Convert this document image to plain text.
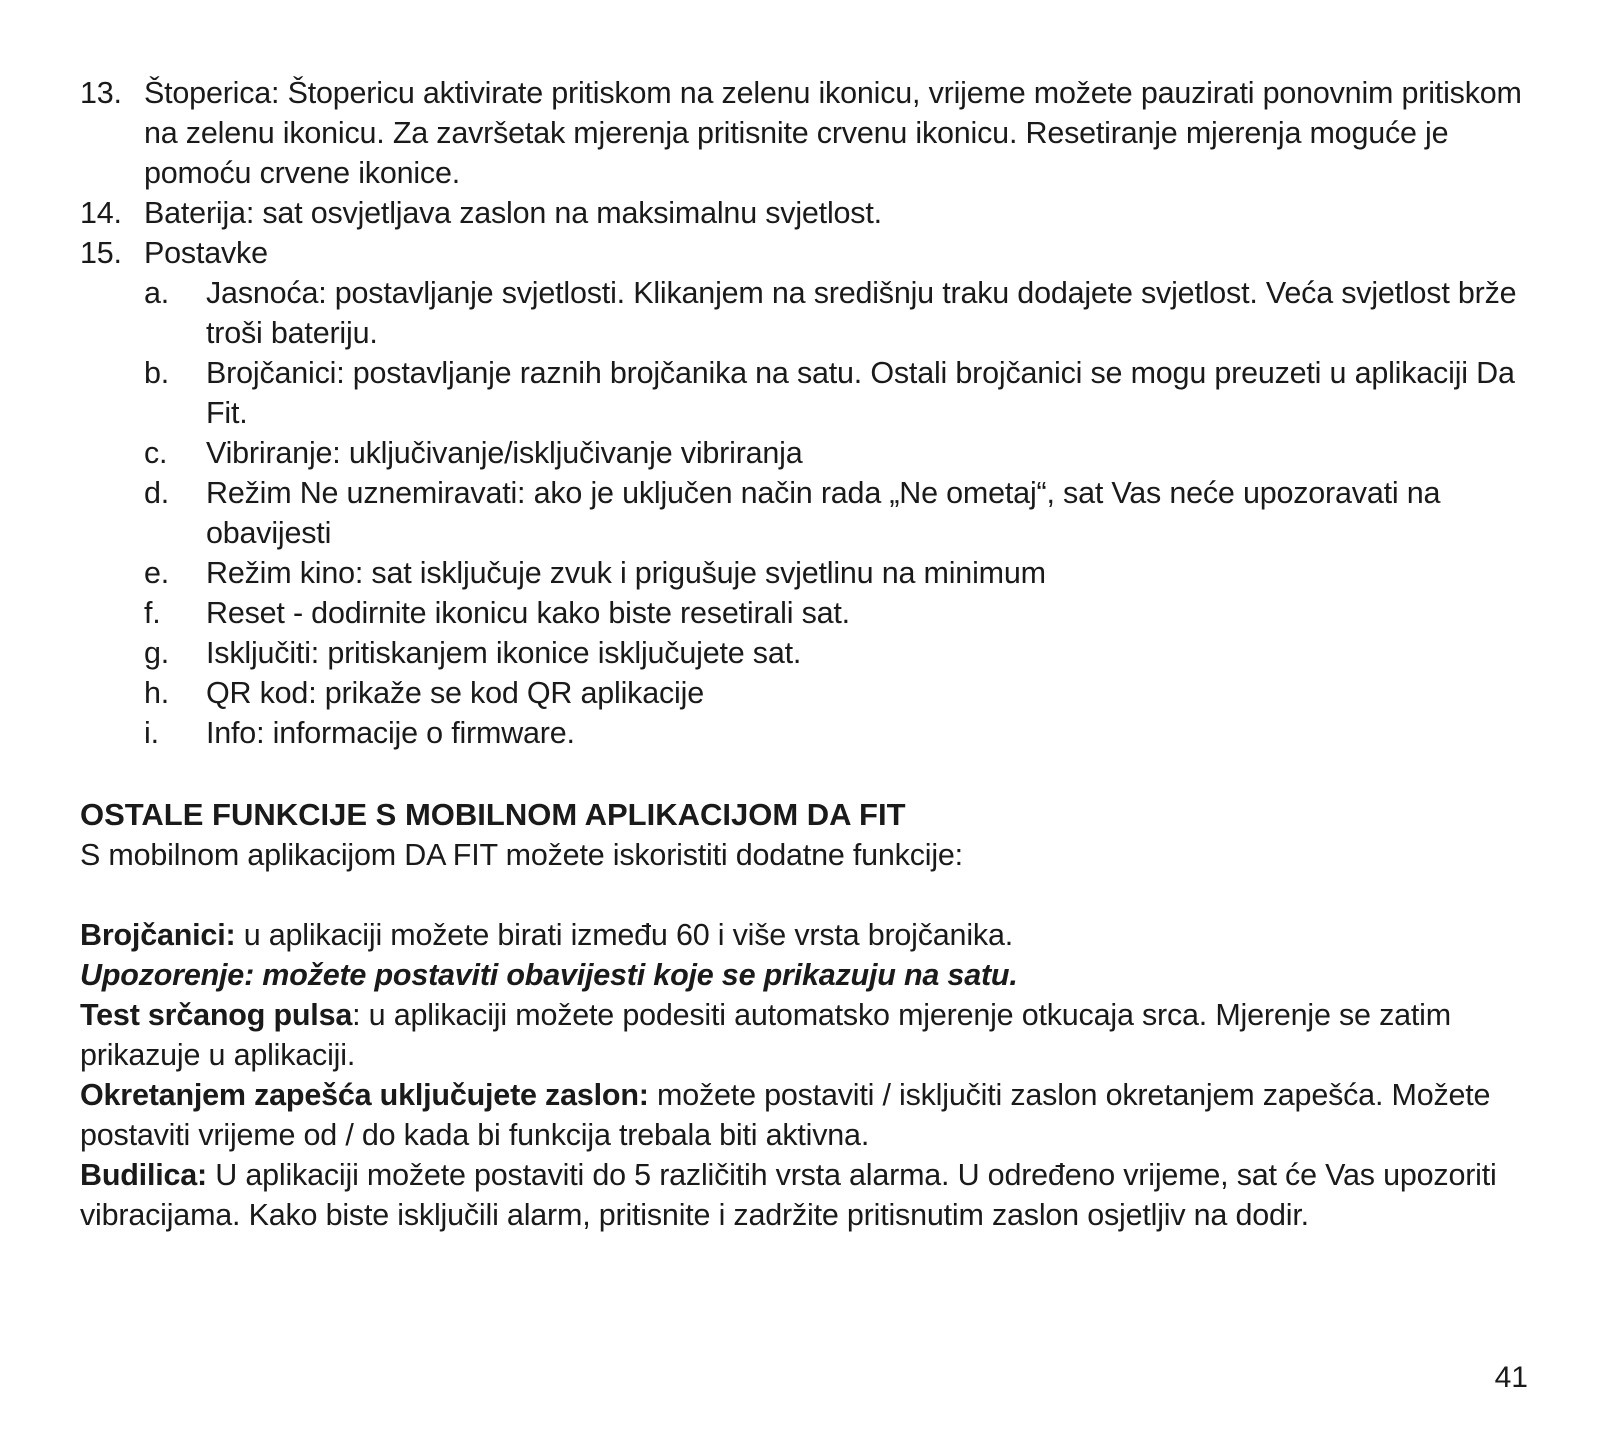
13. Štoperica: Štopericu aktivirate pritiskom na zelenu ikonicu, vrijeme možete pauzirati ponovnim pritiskom na zelenu ikonicu. Za završetak mjerenja pritisnite crvenu ikonicu. Resetiranje mjerenja moguće je pomoću crvene ikonice.
14. Baterija: sat osvjetljava zaslon na maksimalnu svjetlost.
15. Postavke
a.	Jasnoća: postavljanje svjetlosti. Klikanjem na središnju traku dodajete svjetlost. Veća svjetlost brže troši bateriju.
b.	Brojčanici: postavljanje raznih brojčanika na satu. Ostali brojčanici se mogu preuzeti u aplikaciji Da Fit.
c.	Vibriranje: uključivanje/isključivanje vibriranja
d.	Režim Ne uznemiravati: ako je uključen način rada „Ne ometaj“, sat Vas neće upozoravati na obavijesti
e.	Režim kino: sat isključuje zvuk i prigušuje svjetlinu na minimum
f.	Reset - dodirnite ikonicu kako biste resetirali sat.
g.	Isključiti: pritiskanjem ikonice isključujete sat.
h.	QR kod: prikaže se kod QR aplikacije
i.	Info: informacije o firmware.
OSTALE FUNKCIJE S MOBILNOM APLIKACIJOM DA FIT
S mobilnom aplikacijom DA FIT možete iskoristiti dodatne funkcije:
Brojčanici: u aplikaciji možete birati između 60 i više vrsta brojčanika.
Upozorenje: možete postaviti obavijesti koje se prikazuju na satu.
Test srčanog pulsa: u aplikaciji možete podesiti automatsko mjerenje otkucaja srca. Mjerenje se zatim prikazuje u aplikaciji.
Okretanjem zapešća uključujete zaslon: možete postaviti / isključiti zaslon okretanjem zapešća. Možete postaviti vrijeme od / do kada bi funkcija trebala biti aktivna.
Budilica: U aplikaciji možete postaviti do 5 različitih vrsta alarma. U određeno vrijeme, sat će Vas upozoriti vibracijama. Kako biste isključili alarm, pritisnite i zadržite pritisnutim zaslon osjetljiv na dodir.
41
